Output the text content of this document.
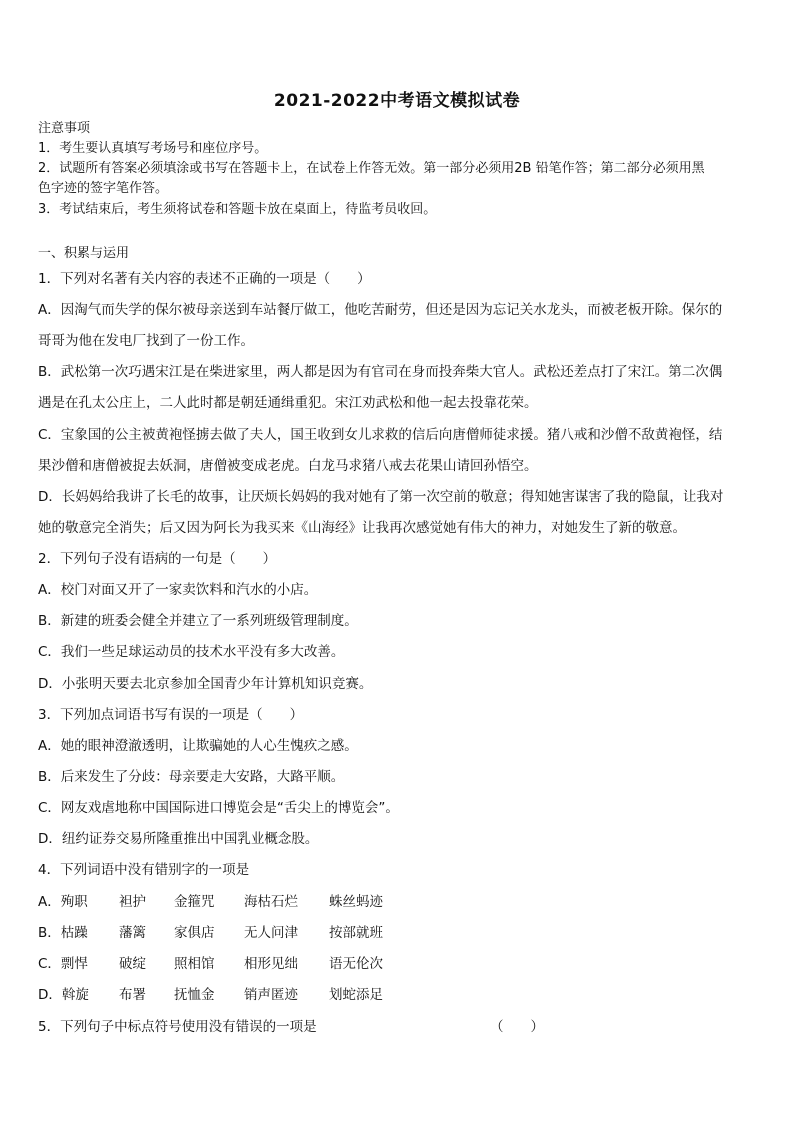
2021-2022中考语文模拟试卷
注意事项
1．考生要认真填写考场号和座位序号。
2．试题所有答案必须填涂或书写在答题卡上，在试卷上作答无效。第一部分必须用2B 铅笔作答；第二部分必须用黑
色字迹的签字笔作答。
3．考试结束后，考生须将试卷和答题卡放在桌面上，待监考员收回。
一、积累与运用
1．下列对名著有关内容的表述不正确的一项是（　　）
A．因淘气而失学的保尔被母亲送到车站餐厅做工，他吃苦耐劳，但还是因为忘记关水龙头，而被老板开除。保尔的
哥哥为他在发电厂找到了一份工作。
B．武松第一次巧遇宋江是在柴进家里，两人都是因为有官司在身而投奔柴大官人。武松还差点打了宋江。第二次偶
遇是在孔太公庄上，二人此时都是朝廷通缉重犯。宋江劝武松和他一起去投靠花荣。
C．宝象国的公主被黄袍怪掳去做了夫人，国王收到女儿求救的信后向唐僧师徒求援。猪八戒和沙僧不敌黄袍怪，结
果沙僧和唐僧被捉去妖洞，唐僧被变成老虎。白龙马求猪八戒去花果山请回孙悟空。
D．长妈妈给我讲了长毛的故事，让厌烦长妈妈的我对她有了第一次空前的敬意；得知她害谋害了我的隐鼠，让我对
她的敬意完全消失；后又因为阿长为我买来《山海经》让我再次感觉她有伟大的神力，对她发生了新的敬意。
2．下列句子没有语病的一句是（　　）
A．校门对面又开了一家卖饮料和汽水的小店。
B．新建的班委会健全并建立了一系列班级管理制度。
C．我们一些足球运动员的技术水平没有多大改善。
D．小张明天要去北京参加全国青少年计算机知识竞赛。
3．下列加点词语书写有误的一项是（　　）
A．她的眼神澄澈透明，让欺骗她的人心生愧疚之感。
B．后来发生了分歧：母亲要走大安路，大路平顺。
C．网友戏虐地称中国国际进口博览会是“舌尖上的博览会”。
D．纽约证券交易所隆重推出中国乳业概念股。
4．下列词语中没有错别字的一项是
A．殉职 袒护 金箍咒 海枯石烂 蛛丝蚂迹
B．枯躁 藩篱 家俱店 无人问津 按部就班
C．剽悍 破绽 照相馆 相形见绌 语无伦次
D．斡旋 布署 抚恤金 销声匿迹 划蛇添足
5．下列句子中标点符号使用没有错误的一项是	（　　）
